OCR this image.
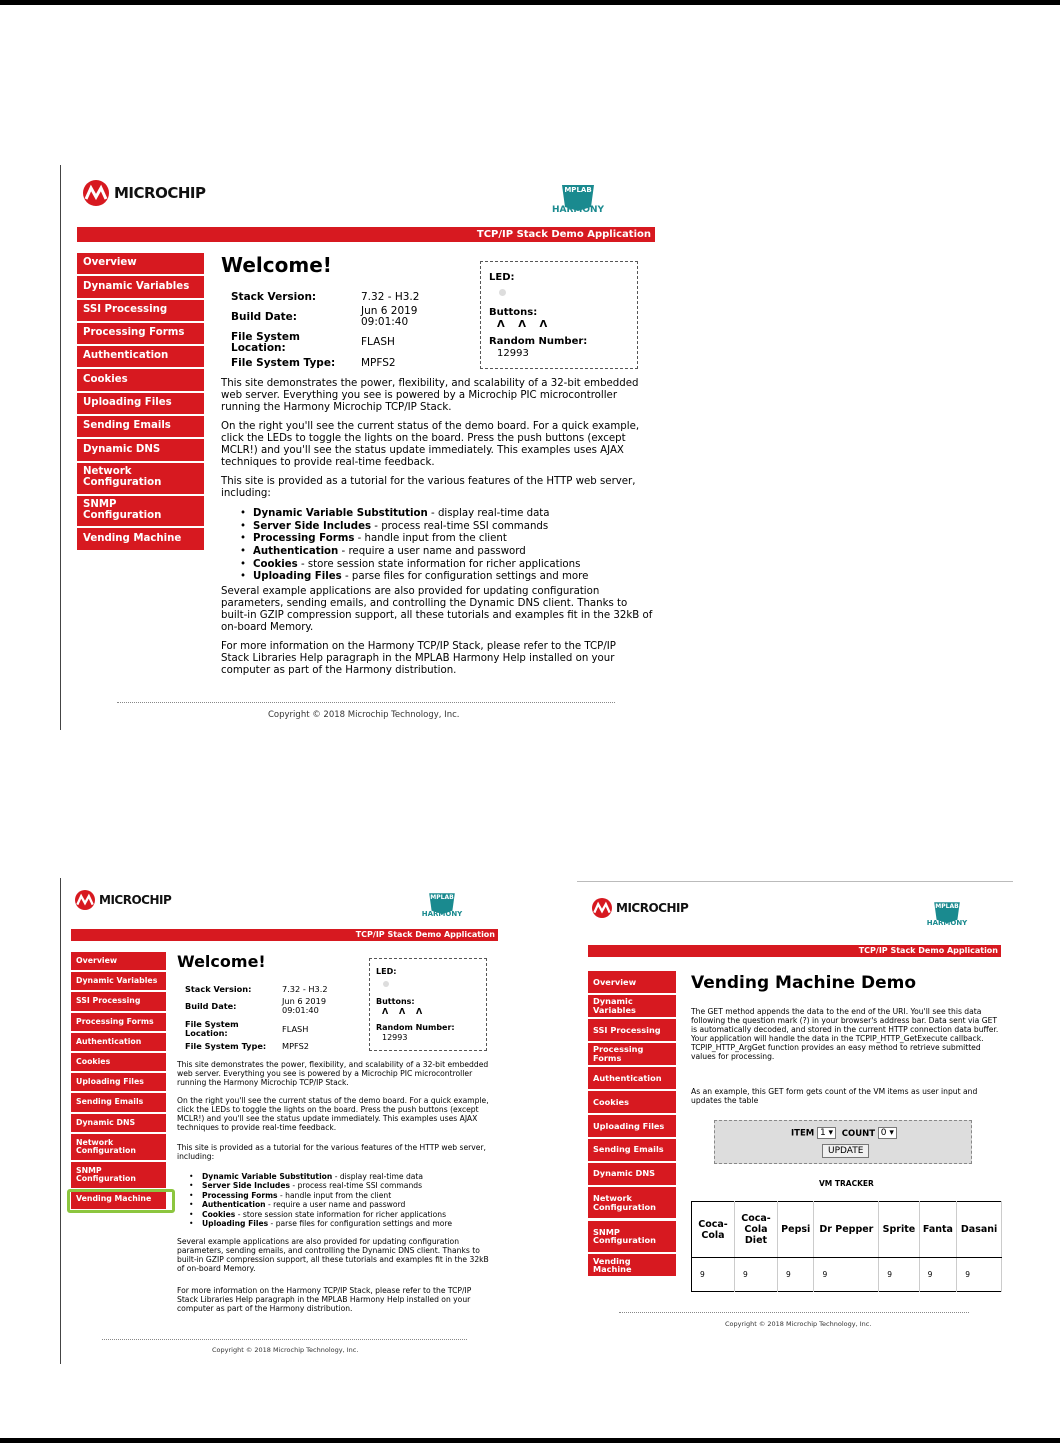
MICROCHIP	MPLAB
HARMONY
TCP/IP Stack Demo Application
Overview
Dynamic Variables
SSI Processing
Processing Forms
Authentication
Cookies
Uploading Files
Sending Emails
Dynamic DNS
Network Configuration
SNMP Configuration
Vending Machine
Welcome!
Stack Version:	7.32 - H3.2
Build Date:	Jun 6 2019
09:01:40
File System
Location:	FLASH
File System Type: MPFS2
LED:
Buttons:
Λ Λ Λ
Random Number:
12993
This site demonstrates the power, flexibility, and scalability of a 32-bit embedded web server. Everything you see is powered by a Microchip PIC microcontroller running the Harmony Microchip TCP/IP Stack.
On the right you'll see the current status of the demo board. For a quick example, click the LEDs to toggle the lights on the board. Press the push buttons (except MCLR!) and you'll see the status update immediately. This examples uses AJAX techniques to provide real-time feedback.
This site is provided as a tutorial for the various features of the HTTP web server, including:
• Dynamic Variable Substitution - display real-time data
• Server Side Includes - process real-time SSI commands
• Processing Forms - handle input from the client
• Authentication - require a user name and password
• Cookies - store session state information for richer applications
• Uploading Files - parse files for configuration settings and more
Several example applications are also provided for updating configuration parameters, sending emails, and controlling the Dynamic DNS client. Thanks to built-in GZIP compression support, all these tutorials and examples fit in the 32kB of on-board Memory.
For more information on the Harmony TCP/IP Stack, please refer to the TCP/IP Stack Libraries Help paragraph in the MPLAB Harmony Help installed on your computer as part of the Harmony distribution.
Copyright © 2018 Microchip Technology, Inc.
MICROCHIP	MPLAB
HARMONY
TCP/IP Stack Demo Application
Overview
Dynamic Variables
SSI Processing
Processing Forms
Authentication
Cookies
Uploading Files
Sending Emails
Dynamic DNS
Network Configuration
SNMP Configuration
Vending Machine
Welcome!
Stack Version:	7.32 - H3.2
Build Date:	Jun 6 2019
09:01:40
File System
Location:	FLASH
File System Type: MPFS2
LED:
Buttons:
Λ Λ Λ
Random Number:
12993
This site demonstrates the power, flexibility, and scalability of a 32-bit embedded web server. Everything you see is powered by a Microchip PIC microcontroller running the Harmony Microchip TCP/IP Stack.
On the right you'll see the current status of the demo board. For a quick example, click the LEDs to toggle the lights on the board. Press the push buttons (except MCLR!) and you'll see the status update immediately. This examples uses AJAX techniques to provide real-time feedback.
This site is provided as a tutorial for the various features of the HTTP web server, including:
• Dynamic Variable Substitution - display real-time data
• Server Side Includes - process real-time SSI commands
• Processing Forms - handle input from the client
• Authentication - require a user name and password
• Cookies - store session state information for richer applications
• Uploading Files - parse files for configuration settings and more
Several example applications are also provided for updating configuration parameters, sending emails, and controlling the Dynamic DNS client. Thanks to built-in GZIP compression support, all these tutorials and examples fit in the 32kB of on-board Memory.
For more information on the Harmony TCP/IP Stack, please refer to the TCP/IP Stack Libraries Help paragraph in the MPLAB Harmony Help installed on your computer as part of the Harmony distribution.
Copyright © 2018 Microchip Technology, Inc.
MICROCHIP	MPLAB
HARMONY
TCP/IP Stack Demo Application
Overview
Dynamic Variables
SSI Processing
Processing Forms
Authentication
Cookies
Uploading Files
Sending Emails
Dynamic DNS
Network Configuration
SNMP Configuration
Vending Machine
Vending Machine Demo
The GET method appends the data to the end of the URI. You'll see this data following the question mark (?) in your browser's address bar. Data sent via GET is automatically decoded, and stored in the current HTTP connection data buffer. Your application will handle the data in the TCPIP_HTTP_GetExecute callback. TCPIP_HTTP_ArgGet function provides an easy method to retrieve submitted values for processing.
As an example, this GET form gets count of the VM items as user input and updates the table
ITEM 1 ▾ COUNT 0 ▾
UPDATE
VM TRACKER
Coca-Cola	Coca-Cola Diet	Pepsi	Dr Pepper	Sprite	Fanta	Dasani
9	9	9	9	9	9	9
Copyright © 2018 Microchip Technology, Inc.
